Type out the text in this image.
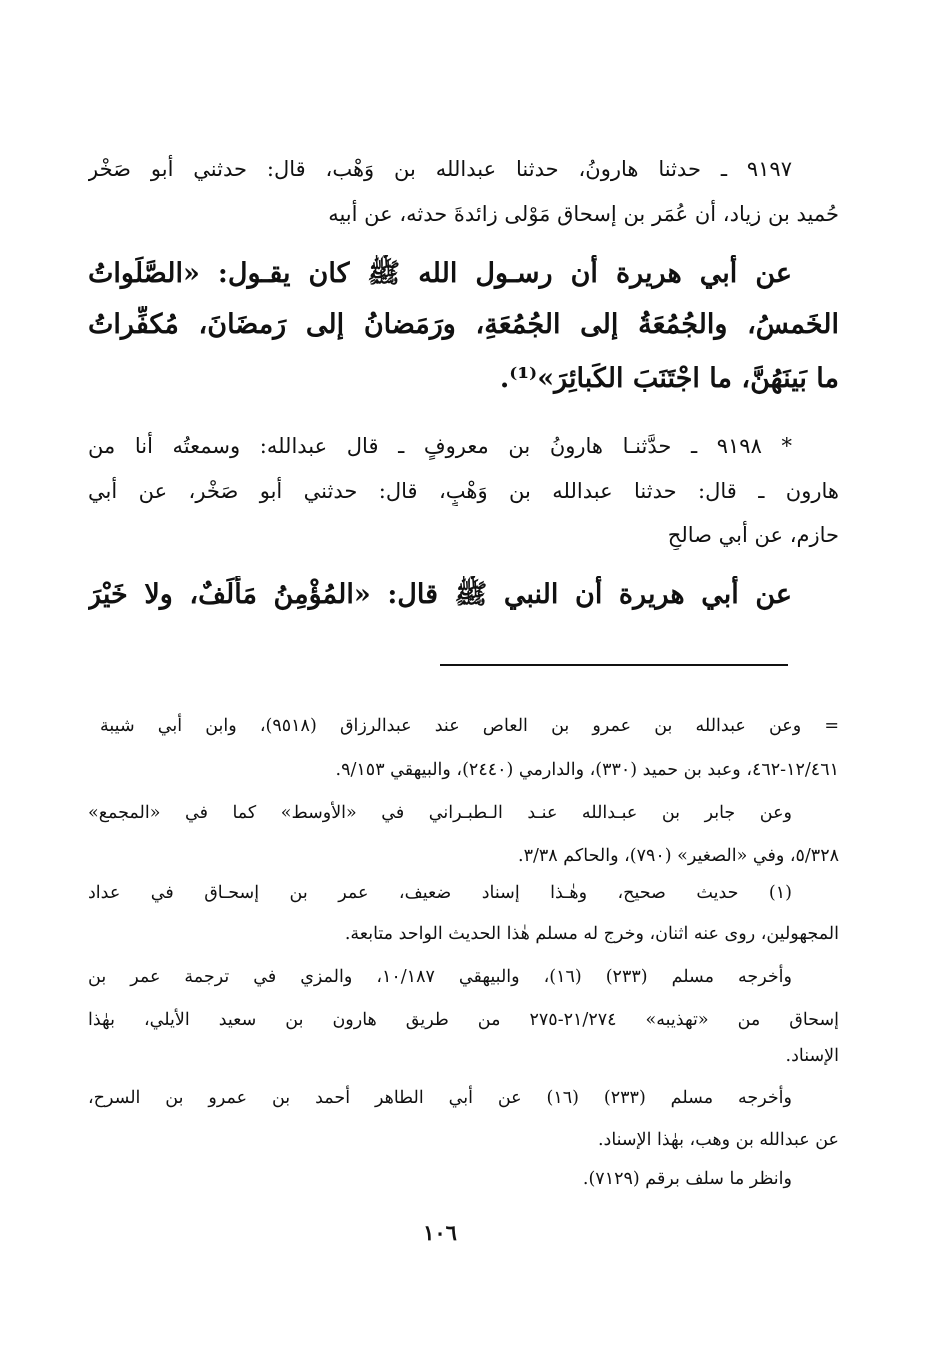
٩١٩٧ ـ حدثنا هارونُ، حدثنا عبدالله بن وَهْب، قال: حدثني أبو صَخْر
حُميد بن زياد، أن عُمَر بن إسحاق مَوْلى زائدةَ حدثه، عن أبيه
عن أبي هريرة أن رسـول الله ﷺ كان يقـول: «الصَّلَواتُ
الخَمسُ، والجُمُعَةُ إلى الجُمُعَةِ، ورَمَضانُ إلى رَمضَانَ، مُكفِّراتُ
ما بَينَهُنَّ، ما اجْتَنَبَ الكَبائِرَ»⁽¹⁾.
* ٩١٩٨ ـ حدَّثنـا هارونُ بن معروفٍ ـ قال عبدالله: وسمعتُه أنا من
هارون ـ قال: حدثنا عبدالله بن وَهْبٍ، قال: حدثني أبو صَخْر، عن أبي
حازم، عن أبي صالحٍ
عن أبي هريرة أن النبي ﷺ قال: «المُؤْمِنُ مَأْلَفٌ، ولا خَيْرَ
= وعن عبدالله بن عمرو بن العاص عند عبدالرزاق (٩٥١٨)، وابن أبي شيبة
١٢/٤٦١-٤٦٢، وعبد بن حميد (٣٣٠)، والدارمي (٢٤٤٠)، والبيهقي ٩/١٥٣.
وعن جابر بن عبـدالله عنـد الـطبـراني في «الأوسط» كما في «المجمع»
٥/٣٢٨، وفي «الصغير» (٧٩٠)، والحاكم ٣/٣٨.
(١) حديث صحيح، وهٰـذا إسناد ضعيف، عمر بن إسحـاق في عداد
المجهولين، روى عنه اثنان، وخرج له مسلم هٰذا الحديث الواحد متابعة.
وأخرجه مسلم (٢٣٣) (١٦)، والبيهقي ١٠/١٨٧، والمزي في ترجمة عمر بن
إسحاق من «تهذيبه» ٢١/٢٧٤-٢٧٥ من طريق هارون بن سعيد الأيلي، بهٰذا
الإسناد.
وأخرجه مسلم (٢٣٣) (١٦) عن أبي الطاهر أحمد بن عمرو بن السرح،
عن عبدالله بن وهب، بهٰذا الإسناد.
وانظر ما سلف برقم (٧١٢٩).
١٠٦
